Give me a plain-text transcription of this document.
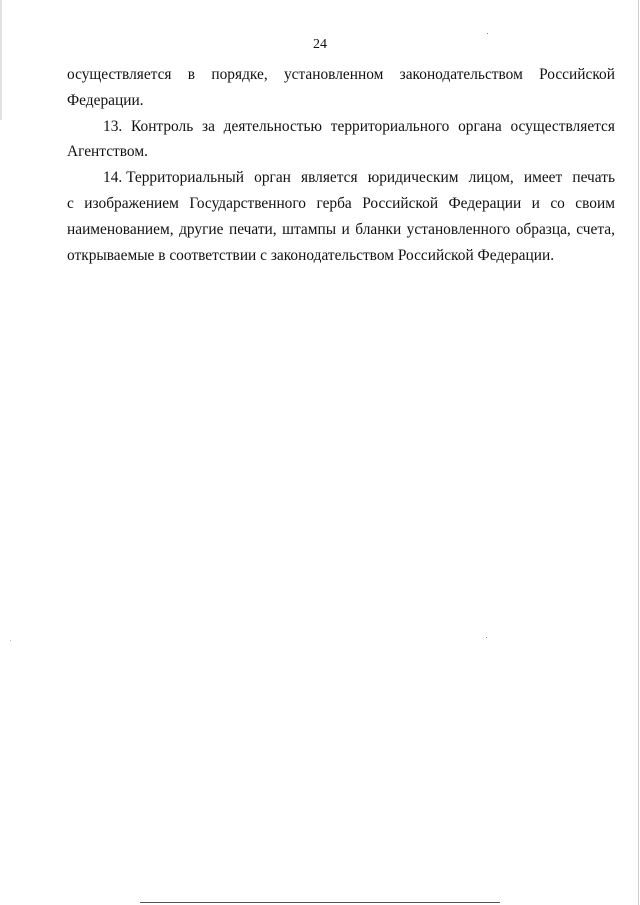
24
осуществляется в порядке, установленном законодательством Российской
Федерации.
13. Контроль за деятельностью территориального органа осуществляется
Агентством.
14. Территориальный орган является юридическим лицом, имеет печать
с изображением Государственного герба Российской Федерации и со своим
наименованием, другие печати, штампы и бланки установленного образца, счета,
открываемые в соответствии с законодательством Российской Федерации.
